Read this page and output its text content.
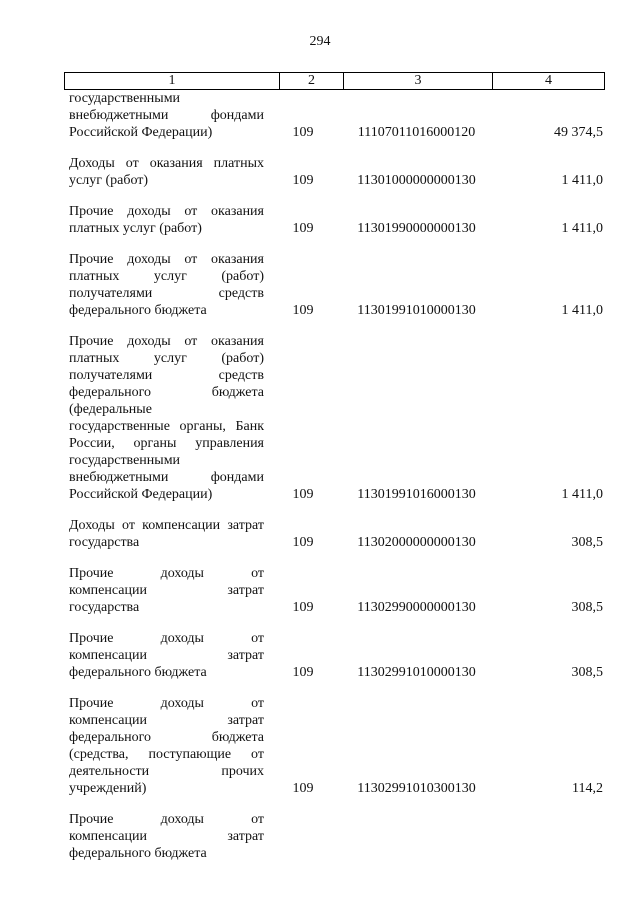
294
1	2	3	4
государственными
внебюджетными фондами
Российской Федерации)	109	11107011016000120	49 374,5
Доходы от оказания платных
услуг (работ)	109	11301000000000130	1 411,0
Прочие доходы от оказания
платных услуг (работ)	109	11301990000000130	1 411,0
Прочие доходы от оказания
платных услуг (работ)
получателями средств
федерального бюджета	109	11301991010000130	1 411,0
Прочие доходы от оказания
платных услуг (работ)
получателями средств
федерального бюджета
(федеральные
государственные органы, Банк
России, органы управления
государственными
внебюджетными фондами
Российской Федерации)	109	11301991016000130	1 411,0
Доходы от компенсации затрат
государства	109	11302000000000130	308,5
Прочие доходы от
компенсации затрат
государства	109	11302990000000130	308,5
Прочие доходы от
компенсации затрат
федерального бюджета	109	11302991010000130	308,5
Прочие доходы от
компенсации затрат
федерального бюджета
(средства, поступающие от
деятельности прочих
учреждений)	109	11302991010300130	114,2
Прочие доходы от
компенсации затрат
федерального бюджета
